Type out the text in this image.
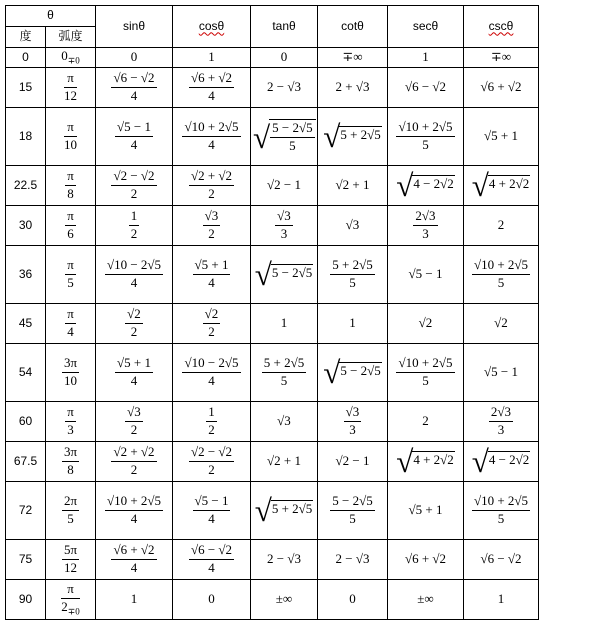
θ		sinθ	cosθ	tanθ	cotθ	secθ	cscθ
度	弧度						
0	$0_{\mp 0}$	0	1	0	∓∞	1	∓∞
15	$\frac{\pi}{12}$	$\frac{√6 - √2}{4}$	$\frac{√6 + √2}{4}$	2 − √3	2 + √3	√6 − √2	√6 + √2
18	$\frac{\pi}{10}$	$\frac{√5 - 1}{4}$	$\frac{√10 + 2√5}{4}$	√ $\frac{5 - 2√5}{5}$	√5 + 2√5	$\frac{√10 + 2√5}{5}$	√5 + 1
22.5	$\frac{\pi}{8}$	$\frac{√2 - √2}{2}$	$\frac{√2 + √2}{2}$	√2 − 1	√2 + 1	√4 − 2√2	√4 + 2√2
30	$\frac{\pi}{6}$	$\frac{1}{2}$	$\frac{√3}{2}$	$\frac{√3}{3}$	√3	$\frac{2√3}{3}$	2
36	$\frac{\pi}{5}$	$\frac{√10 - 2√5}{4}$	$\frac{√5 + 1}{4}$	√5 − 2√5	$\frac{5 + 2√5}{5}$	√5 − 1	$\frac{√10 + 2√5}{5}$

45	$\frac{\pi}{4}$	$\frac{√2}{2}$	$\frac{√2}{2}$	1	1	√2	√2
54	$\frac{3\pi}{10}$	$\frac{√5 + 1}{4}$	$\frac{√10 - 2√5}{4}$	$\frac{5 + 2√5}{5}$	√5 − 2√5	$\frac{√10 + 2√5}{5}$	√5 − 1
60	$\frac{\pi}{3}$	$\frac{√3}{2}$	$\frac{1}{2}$	√3	$\frac{√3}{3}$	2	$\frac{2√3}{3}$

67.5	$\frac{3\pi}{8}$	$\frac{√2 + √2}{2}$	$\frac{√2 - √2}{2}$	√2 + 1	√2 − 1	√4 + 2√2	√4 − 2√2
72	$\frac{2\pi}{5}$	$\frac{√10 + 2√5}{4}$	$\frac{√5 - 1}{4}$	√5 + 2√5	$\frac{5 - 2√5}{5}$	√5 + 1	$\frac{√10 + 2√5}{5}$

75	$\frac{5\pi}{12}$	$\frac{√6 + √2}{4}$	$\frac{√6 - √2}{4}$	2 − √3	2 − √3	√6 + √2	√6 − √2
90	$\frac{\pi}{2_{\mp 0}}$	1	0	±∞	0	±∞	1
